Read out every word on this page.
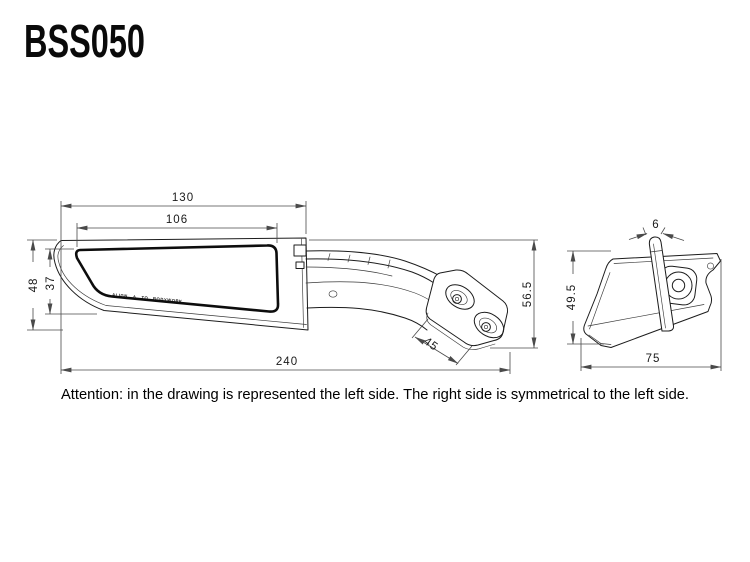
BSS050
ALIGN ⚠ TO BODYWORK
130
106
48 37
240
56.5
45
6
49.5
75
Attention: in the drawing is represented the left side. The right side is symmetrical to the left side.
